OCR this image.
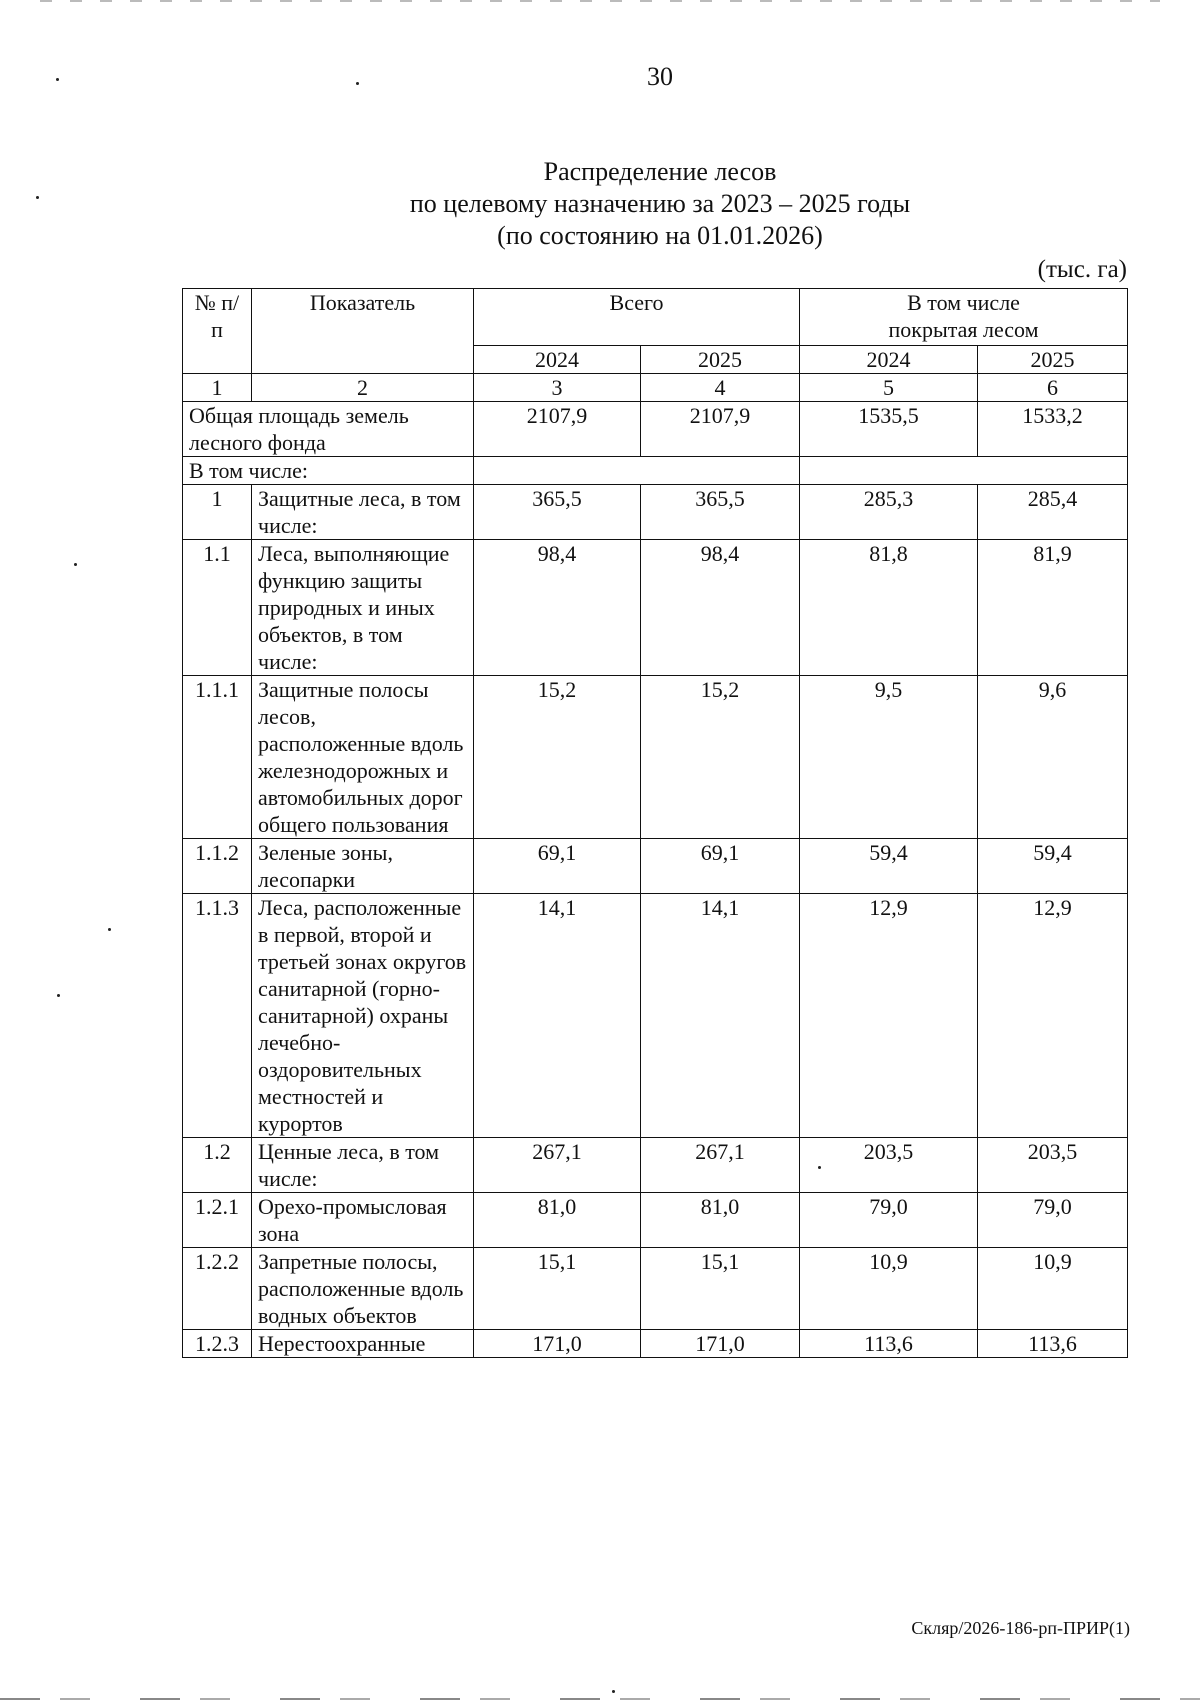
30
Распределение лесов
по целевому назначению за 2023 – 2025 годы
(по состоянию на 01.01.2026)
(тыс. га)
№ п/п	Показатель	Всего		В том числе
покрытая лесом	

		2024	2025	2024	2025
1	2	3	4	5	6
Общая площадь земель лесного фонда		2107,9	2107,9	1535,5	1533,2
В том числе:					
1	Защитные леса, в том числе:	365,5	365,5	285,3	285,4
1.1	Леса, выполняющие функцию защиты природных и иных объектов, в том числе:	98,4	98,4	81,8	81,9
1.1.1	Защитные полосы лесов, расположенные вдоль железнодорожных и автомобильных дорог общего пользования	15,2	15,2	9,5	9,6
1.1.2	Зеленые зоны, лесопарки	69,1	69,1	59,4	59,4
1.1.3	Леса, расположенные в первой, второй и третьей зонах округов санитарной (горно-санитарной) охраны лечебно-оздоровительных местностей и курортов	14,1	14,1	12,9	12,9
1.2	Ценные леса, в том числе:	267,1	267,1	203,5	203,5
1.2.1	Орехо-промысловая зона	81,0	81,0	79,0	79,0
1.2.2	Запретные полосы, расположенные вдоль водных объектов	15,1	15,1	10,9	10,9
1.2.3	Нерестоохранные	171,0	171,0	113,6	113,6
Скляр/2026-186-рп-ПРИР(1)
